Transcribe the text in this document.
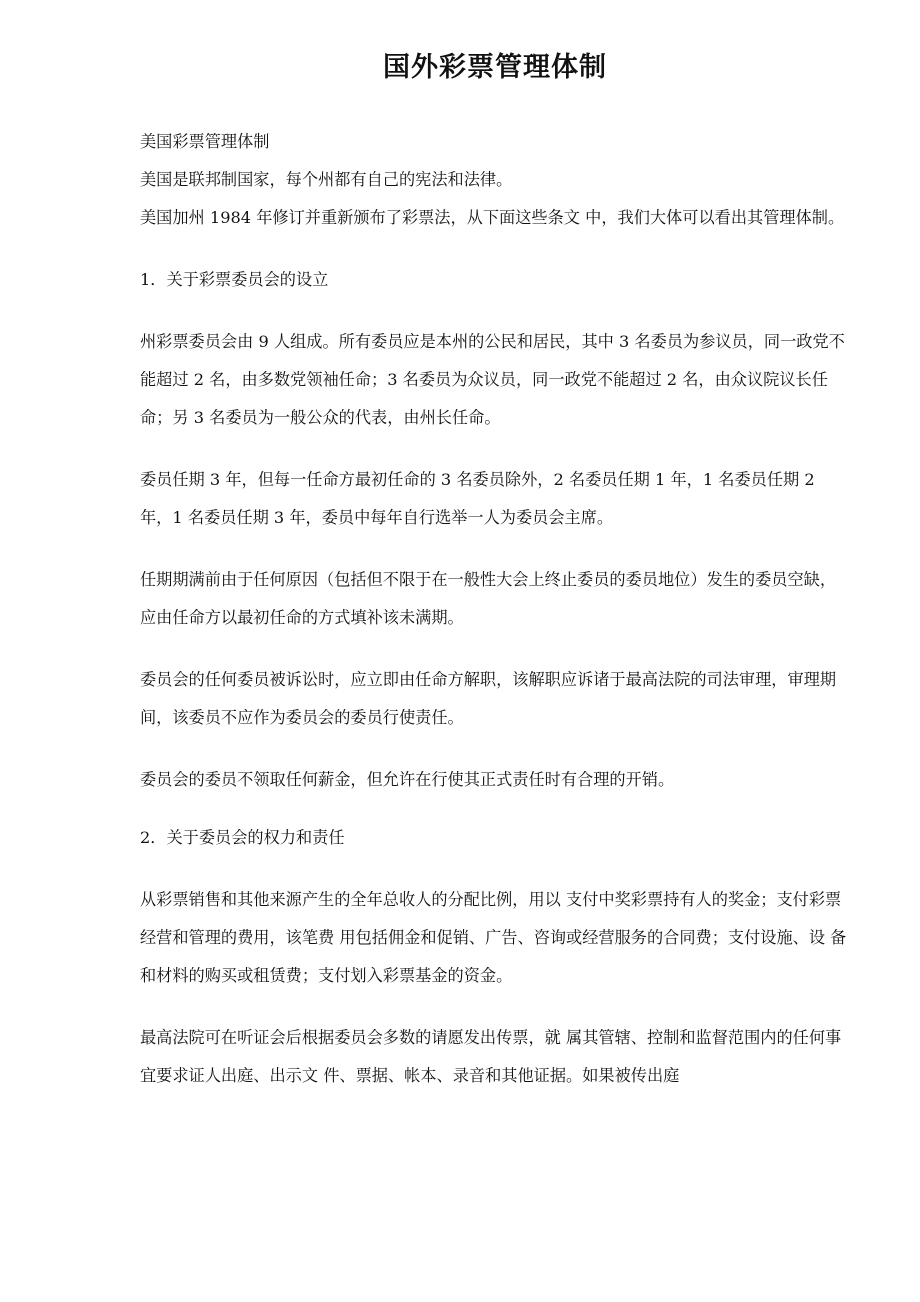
国外彩票管理体制

美国彩票管理体制

美国是联邦制国家，每个州都有自己的宪法和法律。

美国加州 1984 年修订并重新颁布了彩票法，从下面这些条文 中，我们大体可以看出其管理体制。

1．关于彩票委员会的设立

州彩票委员会由 9 人组成。所有委员应是本州的公民和居民，其中 3 名委员为参议员，同一政党不能超过 2 名，由多数党领袖任命；3 名委员为众议员，同一政党不能超过 2 名，由众议院议长任命；另 3 名委员为一般公众的代表，由州长任命。

委员任期 3 年，但每一任命方最初任命的 3 名委员除外，2 名委员任期 1 年，1 名委员任期 2 年，1 名委员任期 3 年，委员中每年自行选举一人为委员会主席。

任期期满前由于任何原因（包括但不限于在一般性大会上终止委员的委员地位）发生的委员空缺，应由任命方以最初任命的方式填补该未满期。

委员会的任何委员被诉讼时，应立即由任命方解职，该解职应诉诸于最高法院的司法审理，审理期间，该委员不应作为委员会的委员行使责任。

委员会的委员不领取任何薪金，但允许在行使其正式责任时有合理的开销。

2．关于委员会的权力和责任

从彩票销售和其他来源产生的全年总收人的分配比例，用以 支付中奖彩票持有人的奖金；支付彩票经营和管理的费用，该笔费 用包括佣金和促销、广告、咨询或经营服务的合同费；支付设施、设 备和材料的购买或租赁费；支付划入彩票基金的资金。

最高法院可在听证会后根据委员会多数的请愿发出传票，就 属其管辖、控制和监督范围内的任何事宜要求证人出庭、出示文 件、票据、帐本、录音和其他证据。如果被传出庭
